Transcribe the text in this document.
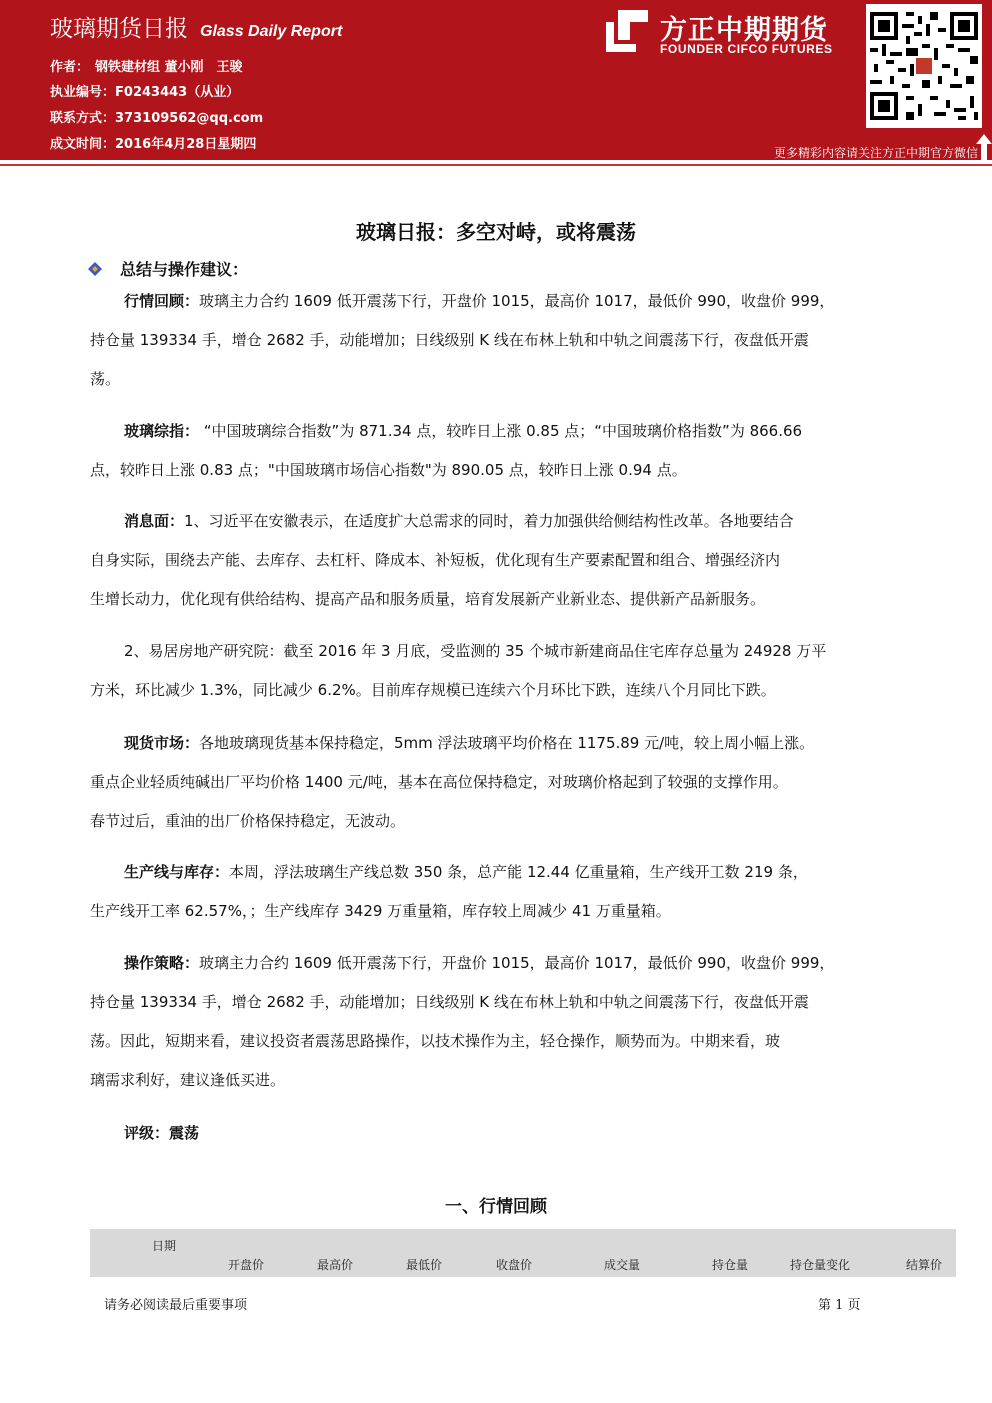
玻璃期货日报 Glass Daily Report
作者： 钢铁建材组 董小刚　王骏
执业编号：F0243443（从业）
联系方式：373109562@qq.com
成文时间：2016年4月28日星期四
方正中期期货
FOUNDER CIFCO FUTURES
更多精彩内容请关注方正中期官方微信
玻璃日报：多空对峙，或将震荡
总结与操作建议：
行情回顾：玻璃主力合约 1609 低开震荡下行，开盘价 1015，最高价 1017，最低价 990，收盘价 999，
持仓量 139334 手，增仓 2682 手，动能增加；日线级别 K 线在布林上轨和中轨之间震荡下行，夜盘低开震
荡。
玻璃综指： “中国玻璃综合指数”为 871.34 点，较昨日上涨 0.85 点；“中国玻璃价格指数”为 866.66
点，较昨日上涨 0.83 点；"中国玻璃市场信心指数"为 890.05 点，较昨日上涨 0.94 点。
消息面：1、习近平在安徽表示，在适度扩大总需求的同时，着力加强供给侧结构性改革。各地要结合
自身实际，围绕去产能、去库存、去杠杆、降成本、补短板，优化现有生产要素配置和组合、增强经济内
生增长动力，优化现有供给结构、提高产品和服务质量，培育发展新产业新业态、提供新产品新服务。
2、易居房地产研究院：截至 2016 年 3 月底，受监测的 35 个城市新建商品住宅库存总量为 24928 万平
方米，环比减少 1.3%，同比减少 6.2%。目前库存规模已连续六个月环比下跌，连续八个月同比下跌。
现货市场：各地玻璃现货基本保持稳定，5mm 浮法玻璃平均价格在 1175.89 元/吨，较上周小幅上涨。
重点企业轻质纯碱出厂平均价格 1400 元/吨，基本在高位保持稳定，对玻璃价格起到了较强的支撑作用。
春节过后，重油的出厂价格保持稳定，无波动。
生产线与库存：本周，浮法玻璃生产线总数 350 条，总产能 12.44 亿重量箱，生产线开工数 219 条，
生产线开工率 62.57%，；生产线库存 3429 万重量箱，库存较上周减少 41 万重量箱。
操作策略：玻璃主力合约 1609 低开震荡下行，开盘价 1015，最高价 1017，最低价 990，收盘价 999，
持仓量 139334 手，增仓 2682 手，动能增加；日线级别 K 线在布林上轨和中轨之间震荡下行，夜盘低开震
荡。因此，短期来看，建议投资者震荡思路操作，以技术操作为主，轻仓操作，顺势而为。中期来看，玻
璃需求利好，建议逢低买进。
评级：震荡
一、行情回顾
日期
开盘价	最高价	最低价	收盘价	成交量	持仓量	持仓量变化	结算价
请务必阅读最后重要事项	第 1 页
